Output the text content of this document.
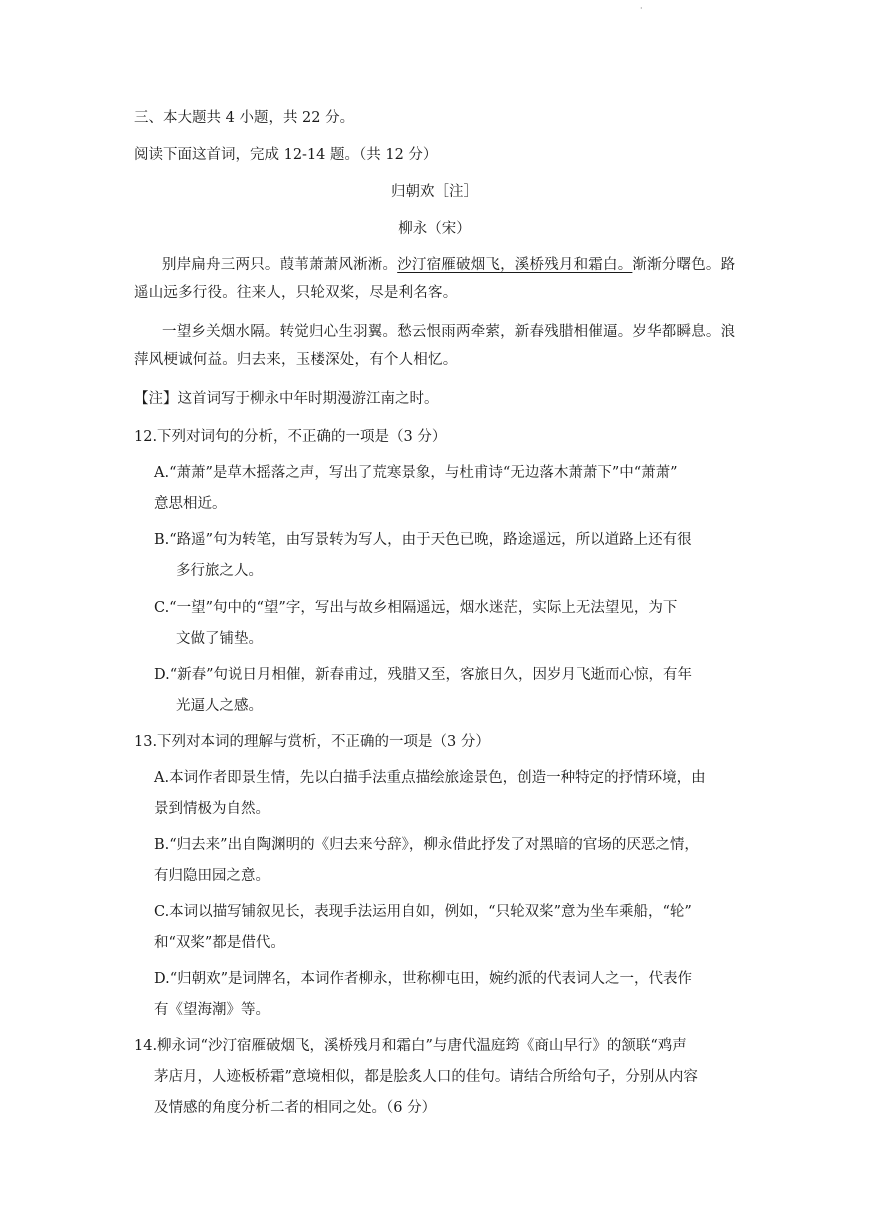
·
三、本大题共 4 小题，共 22 分。
阅读下面这首词，完成 12-14 题。（共 12 分）
归朝欢［注］
柳永（宋）
别岸扁舟三两只。葭苇萧萧风淅淅。沙汀宿雁破烟飞，溪桥残月和霜白。渐渐分曙色。路遥山远多行役。往来人，只轮双桨，尽是利名客。
一望乡关烟水隔。转觉归心生羽翼。愁云恨雨两牵萦，新春残腊相催逼。岁华都瞬息。浪萍风梗诚何益。归去来，玉楼深处，有个人相忆。
【注】这首词写于柳永中年时期漫游江南之时。
12.下列对词句的分析，不正确的一项是（3 分）
A.“萧萧”是草木摇落之声，写出了荒寒景象，与杜甫诗“无边落木萧萧下”中“萧萧”
意思相近。
B.“路遥”句为转笔，由写景转为写人，由于天色已晚，路途遥远，所以道路上还有很
多行旅之人。
C.“一望”句中的“望”字，写出与故乡相隔遥远，烟水迷茫，实际上无法望见，为下
文做了铺垫。
D.“新春”句说日月相催，新春甫过，残腊又至，客旅日久，因岁月飞逝而心惊，有年
光逼人之感。
13.下列对本词的理解与赏析，不正确的一项是（3 分）
A.本词作者即景生情，先以白描手法重点描绘旅途景色，创造一种特定的抒情环境，由
景到情极为自然。
B.“归去来”出自陶渊明的《归去来兮辞》，柳永借此抒发了对黑暗的官场的厌恶之情，
有归隐田园之意。
C.本词以描写铺叙见长，表现手法运用自如，例如，“只轮双桨”意为坐车乘船，“轮”
和“双桨”都是借代。
D.“归朝欢”是词牌名，本词作者柳永，世称柳屯田，婉约派的代表词人之一，代表作
有《望海潮》等。
14.柳永词“沙汀宿雁破烟飞，溪桥残月和霜白”与唐代温庭筠《商山早行》的颔联“鸡声
茅店月，人迹板桥霜”意境相似，都是脍炙人口的佳句。请结合所给句子，分别从内容
及情感的角度分析二者的相同之处。（6 分）
